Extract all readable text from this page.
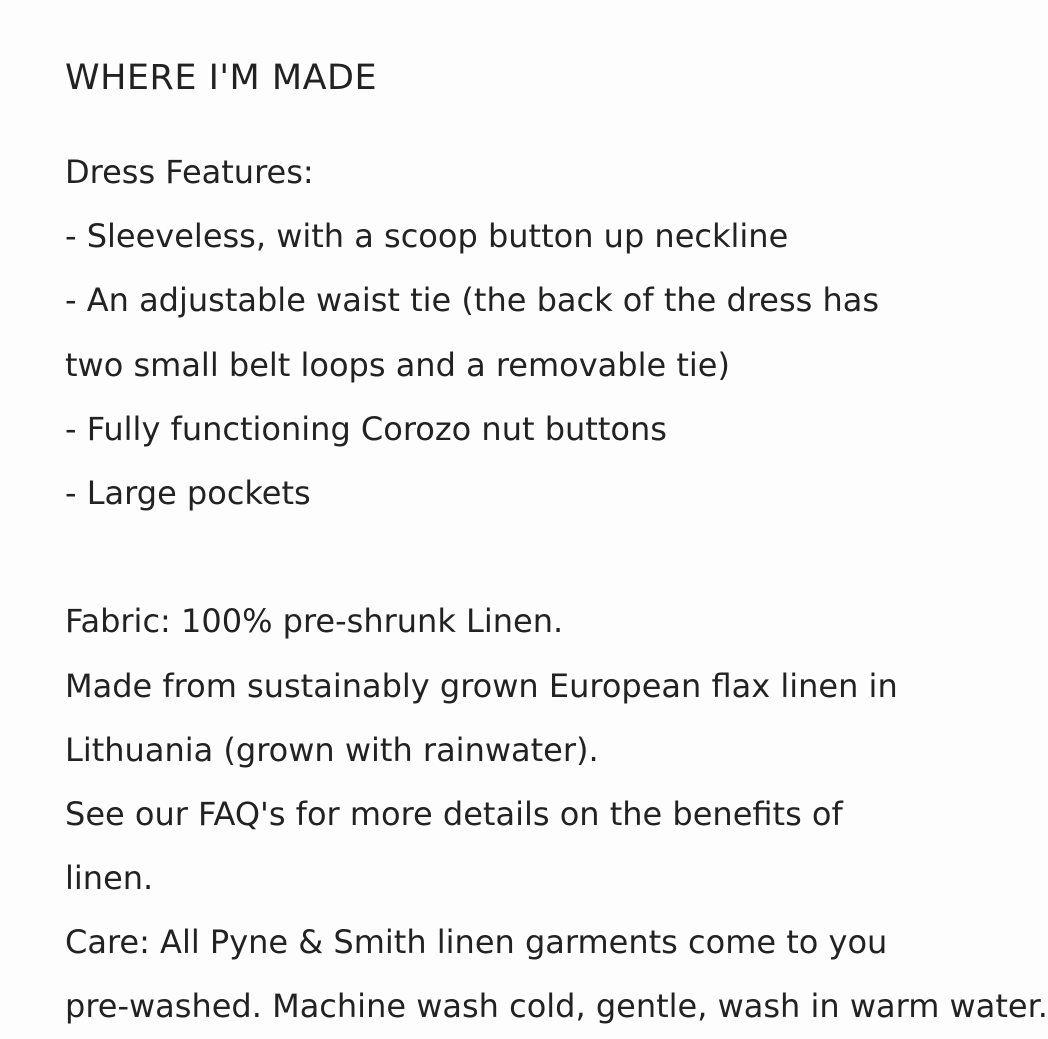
WHERE I'M MADE
Dress Features:
- Sleeveless, with a scoop button up neckline
- An adjustable waist tie (the back of the dress has
two small belt loops and a removable tie)
- Fully functioning Corozo nut buttons
- Large pockets
Fabric: 100% pre-shrunk Linen.
Made from sustainably grown European flax linen in
Lithuania (grown with rainwater).
See our FAQ's for more details on the benefits of
linen.
Care: All Pyne & Smith linen garments come to you
pre-washed. Machine wash cold, gentle, wash in warm water.
